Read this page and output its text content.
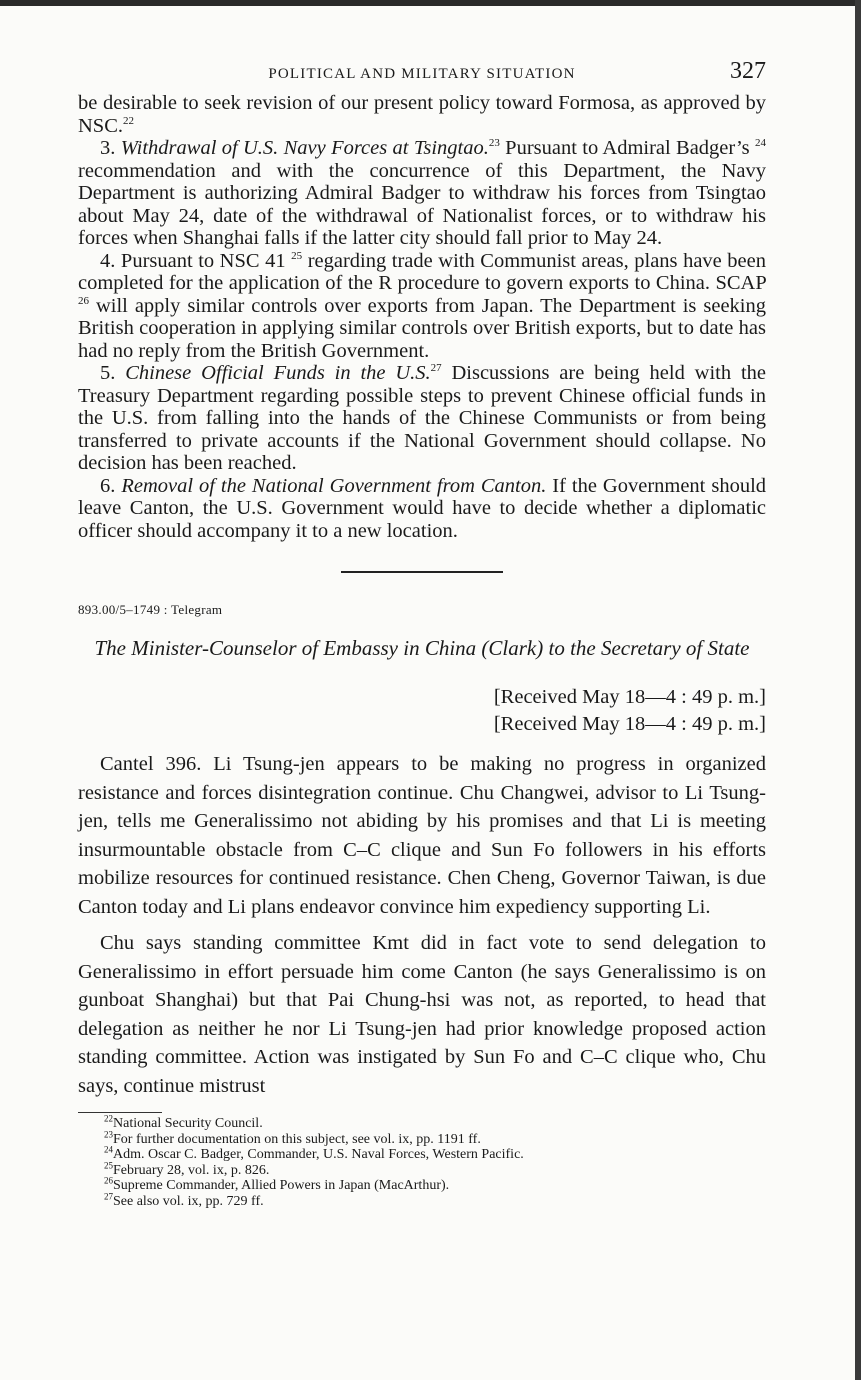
POLITICAL AND MILITARY SITUATION	327

be desirable to seek revision of our present policy toward Formosa, as approved by NSC.$^{22}$

3. Withdrawal of U.S. Navy Forces at Tsingtao.$^{23}$ Pursuant to Admiral Badger’s $^{24}$ recommendation and with the concurrence of this Department, the Navy Department is authorizing Admiral Badger to withdraw his forces from Tsingtao about May 24, date of the withdrawal of Nationalist forces, or to withdraw his forces when Shanghai falls if the latter city should fall prior to May 24.

4. Pursuant to NSC 41 $^{25}$ regarding trade with Communist areas, plans have been completed for the application of the R procedure to govern exports to China. SCAP $^{26}$ will apply similar controls over exports from Japan. The Department is seeking British cooperation in applying similar controls over British exports, but to date has had no reply from the British Government.

5. Chinese Official Funds in the U.S.$^{27}$ Discussions are being held with the Treasury Department regarding possible steps to prevent Chinese official funds in the U.S. from falling into the hands of the Chinese Communists or from being transferred to private accounts if the National Government should collapse. No decision has been reached.

6. Removal of the National Government from Canton. If the Government should leave Canton, the U.S. Government would have to decide whether a diplomatic officer should accompany it to a new location.

893.00/5–1749 : Telegram
The Minister-Counselor of Embassy in China (Clark) to the Secretary of State
[Received May 18—4 : 49 p. m.]
[Received May 18—4 : 49 p. m.]

Cantel 396. Li Tsung-jen appears to be making no progress in organized resistance and forces disintegration continue. Chu Changwei, advisor to Li Tsung-jen, tells me Generalissimo not abiding by his promises and that Li is meeting insurmountable obstacle from C–C clique and Sun Fo followers in his efforts mobilize resources for continued resistance. Chen Cheng, Governor Taiwan, is due Canton today and Li plans endeavor convince him expediency supporting Li.

Chu says standing committee Kmt did in fact vote to send delegation to Generalissimo in effort persuade him come Canton (he says Generalissimo is on gunboat Shanghai) but that Pai Chung-hsi was not, as reported, to head that delegation as neither he nor Li Tsung-jen had prior knowledge proposed action standing committee. Action was instigated by Sun Fo and C–C clique who, Chu says, continue mistrust

$^{22}$National Security Council.
$^{23}$For further documentation on this subject, see vol. ix, pp. 1191 ff.
$^{24}$Adm. Oscar C. Badger, Commander, U.S. Naval Forces, Western Pacific.
$^{25}$February 28, vol. ix, p. 826.
$^{26}$Supreme Commander, Allied Powers in Japan (MacArthur).
$^{27}$See also vol. ix, pp. 729 ff.
